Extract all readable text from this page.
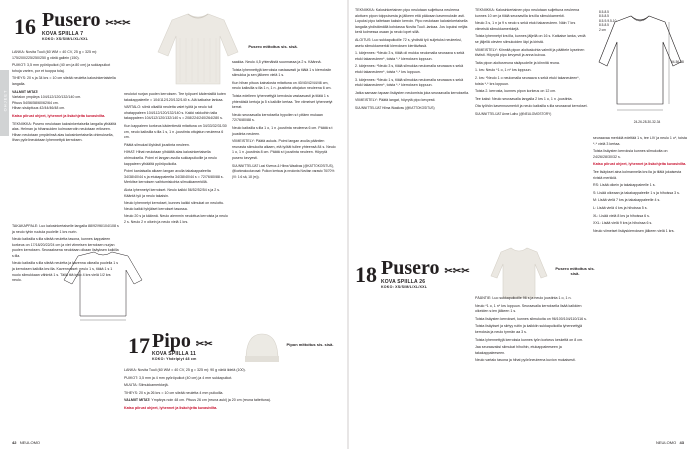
OHJEET
16 Pusero ✂✂✂
KOVA SPIILLA 7
KOKO: XS/S/M/L/XL/XXL
Pusero mittoitus sis. sisä.

LANKA: Novita Tuuli (60 WM = 40 CV, 25 g = 325 m): 175/200/225/250/250 g väriä gallein (150).

PUIKOT: 3,5 mm pyöröpuikot (40 cm ja 80 cm) ja sukkapuikot tohoja varten, por et tuoppa tolaj.

TIHEYS: 20 s ja 34 krs = 10 cm sileää neuletta kalosinkertaistella langalla.

VALMIIT MITAT:
Vartalon ympärys 104/112/120/132/140 cm.
Pituus 54/56/58/60/62/64 cm.
Hihan sisäpituus 42/44/46/48 cm.

Katso piirust ohjeet, lyhennet ja lisäohjeita kuvasivilta.

TEKNIIKKA: Pusero neulotaan kalosinkertaisella langalla ylhäältä alas. Helman ja hihansuiden kolmoserotin neulotaan erikseen. Hihan neulotaan ympäriinsä alas kalosinkertaisella ohimuksella, lihan pyöröneulotaan lyhennettyä kerroksen.

TAKAKAPPALE: Luo kalosinkertaiselle langalla 88/92/96/104/108 s ja neulo tyhin ruutula puolelle 1 krs nurin.

Neulo kaiksilla s:illa sileää neuletta tasona, kunnes kappaleen korkeus on 17/18/20/22/24 cm ja viet viimeisen kerroksen nurjan puolen kerroksen. Seuraaksena neulotaan olkaan lisäyksen kaikilla s:illa.

Neulo kaiksilla s:illa sileää neuletta ja kavenna oikealla puolella 1 s ja kerroksen kaikilla krs:illa. Kavennukset: neulo 1 s, tiäkä 1 s 1 nuolo silmukkaan vähintä 1 s. Tällä tiiä kykc 4 krs vielä 1/2 krs neulo.

neulotut nurjan puolen kerroksen. Tee työpuerl kädentaillä kuten takakappaleelle = 104/112/120/132/140 s. Alä katkaise lankaa.

VARTALO: siirrä olkaillä neuletta valet työtä ja neulo tuli ohatappaleen 104/112/120/132/140 s. Kakki rakkoihin talla takappaleen 104/112/120/132/140 s = 208/224/240/264/280 s.

Kun kappaleen korkeus kädentiestä mitattuna on 34/33/32/31/30 cm, neulo kaiksilla s:illa 1 s, 1 n -joustinta ottojatun neuleena 6 cm.

Päätä silmukat löyhästi joustinta neuleen.

HIHAT: Hihat neulotaan ylhäältä alas kalosinkertaisella ohimuksella. Poimi ei langan avulla sukkapuikoille ja neulo kappaleen ylhäältä pyöröpuikolla.

Poimi kaniaisalla alkaen langan avulla takakappaleelta 34/38/40/44 s ja etukappaleelta 34/38/40/44 s = 72/76/80/88 s. Merkitse kerroksen vaihtumiskohta silmukkamerkillä.

Alota lyhennetyt kerrokset. Neulo kalkki 56/52/52/54 s ja 2 s. Kääntä työ ja neulo takaisin.

Neulo lyhennetyt kerrokset, kunnes kaikki silmukat on neulottu. Neulo kaikki tyhjäiset kerrokset tasossa.

Neulo 20 s ja käännä. Neulo aiemmin neulottua kerroista ja neulo 2 s. Neulo 2 n oikein ja neulo vielä 1 krs.

saakka. Neulo 4,5 yhtenäistä suunnassa ja 2 s. Käännä.

Toista lyhennettyjä kerroksia vastaavasti ja tiiäiä 1 s kierroksiin silmukka ja sen jälkeen vielä 1 s.

Kun hihan pituus kainalosta mitattuna on 40/40/42/44/46 cm, neulo kaiksilla s:illa 1 n, 1 n -joustinta ottojatun neuleena 6 cm.

Toista edelleen lyhennettyjä kerroksia vastaavasti ja tiiäiä 1 s yhtenäisiä kertoja ja 5 s kaikille kertaa. Tee viimeiset lyhennetyt kerrat.

Neulo seuraavalla kerroksella hypoilen s:t pitäen mukaan 72/76/80/88 s.

Neulo kaiksilla s:illa 1 o, 1 n -joustinta neuleena 6 cm. Päätä s:t joustinta neuleen.

VIIMEISTELY: Päätä aukuis. Poimi langan avulla pääntien reunasta silmukoita alkaen, etä työtät tullee yhteensä 84 s. Neulo 1 o, 1 n -joustinta 8 cm. Päätä s:t joustinta neuleen. Höyrytä pusero kevyesti.

SUUNNITTELIJAT Lasi Kiverus & Hilma Waalivas (@KATTOKOSITUS), @korkeakoulunosat: Puikon kertaus ja neulonta Novitan varasto 76/70% (VI: 1:6 sä, 18 (m)).

17 Pipo ✂✂
KOVA SPIILLA 11
KOKO: Yhdelpiyt 48 cm
Pipon mittoitus sis. sisä.

LANKA: Novita Tuuli (60 WM = 40 CV, 25 g = 325 m): 90 g väriä ildelä (100).

PUIKOT: 3,5 mm ja 4 mm pyöröpuikot (40 cm) ja 4 mm sukkapuikot.

MUUTA: Silmukkamerkkejä.

TIHEYS: 20 s ja 26 krs = 10 cm sileää neuletta 4 mm puikoilla.

VALMIIT MITAT: Ympärys noin 48 cm. Pituus 26 cm (reuna auki) ja 20 cm (reuna taitettuna).

Katso piirust ohjeet, lyhennet ja lisäohjeita kuvasivilta.

42 NEULOMO
8.5-8.5
8.5-8.5
8.5-9-9.5-10
8.5-8.5
2 cm
54-56-58
24-26-28-30-32-34

TEKNIIKKA: Kalosinkertainen pipo neulotaan suljettuna neuleena alottuen pipon tolppuisesta ja jälkeen etiä pääosan kavennuksiin asti. Lopuksi pipo taitetaan kaksin kerroin. Pipo neulotaan kalosinkertaisella langalla yhdistämällä kohdassa Novita Tuuli -lankaa. Jos lopuksi neljäs kerä kolmessa osaan ja neulo lopet sillä.

ALOITUS: Luo sukkapuikoille 72 s, yhdistä työ suljetuksi neuleeksi, asetu silmukkamerkki kierroksen kiertävässä.

1. kärjennes: *Neulo 3 s, tiiäiä oli mukka neulomalla seuraava s sekä etuki takaneuleen*, toista *-* kierroksen loppuun.

2. kärjennes: *Neulo 3 s, tiiäiä silmukka neulomalla seuraava s sekä etuki takaneuleen*, toista *-* krs loppuun.

3. kärjennes: *Neulo 1 s, tiiäiä silmukka neulomalla seuraava s sekä etuki takaneuleen*, toista *-* kierroksen loppuun.

Jatka samaan tapaan lisäysten neulomista joka seuraavalla kerroksella.

VIIMEISTELY: Päätä langat, höyrytä pipo kevyesti.

SUUNNITTELIJAT Hilma Waalivas (@KATTOKOSITUS)

TEKNIIKKA: Kalosinkertainen pipo neulotaan suljettuna neuleena kunnes 10 cm ja tiiäiä seuraavilla krs:illa silmukkamerkit.

Neulo 3 s, 1 n ja 9 s neulo s sekä etuki takaneuleen. Näin 7 krs viimeisiä silmukkamerkkejä.

Toista lyhennetyt krs:illa, kunnes jäljellä on 16 s. Katkaise lanka, vedä se jäljellä olevien silmukoiden läpi ja kiristä.

VIIMEISTELY: Kiinnitä pipon aloituskohta valmiit ja päättele kyseinen tiiviisti. Höyrytä pipo kevyesti ja anna kuivua.

Taita pipon aloitusreuna sisäpuolelle ja kiinnitä reuna.

1. krs: Neulo *1 o, 1 n* krs loppuun.

2. krs: *Neulo 1 o neulomalla seuraava s sekä etuki takaneuleen*, toista *-* krs loppuun.

Toista 2. kerrosta, kunnes pipon korkeus on 12 cm.

Tee kaksi: Neulo seuraavalla langalla 2 krs 1 o, 1 n -joustinta.

Ota työhön kavennusmerkit ja neulo kaiksilla s:illa seuraavat kerrokset.

SUUNNITTELIJAT Anne Laiho (@NEULOMOSTORY)

18 Pusero ✂✂✂
KOVA SPIILLA 26
KOKO: XS/S/M/L/XL/XXL
Pusero mittoitus sis. sisä.

PÄÄNTIE: Luo sukkapuikoille 96 s ja neulo joustinta 1 o, 1 n.

Neulo *1 o, 1 n* krs loppuun. Seuraavalla kerroksella lisää kaikkien oikeiden s:ien jälkeen 1 s.

Toista lisäysten kerrokset, kunnes silmukoita on 96/100/104/110/116 s.

Toista lisäykset ja siirtyy ruitin ja kaikkiin sukkapuikoilla lyhennettyjä kerroksia ja neulo tyrmän aa 3 s.

Toista lyhennettyjä kerroksia kunnes työn korkeus keskeltä on 8 cm.

Jaa seuraavaksi silmukat hihoihin, etukappaleeseen ja takakappaleeseen.

Neulo vartalo tasona ja hihat pyöröneuleena kuvion mukaisesti.

seuraavaa merkkiä edeltää 1 s, tee LIV ja neulo 1 o*, toista *-* vielä 3 kertaa.

Toista lisäysten kerroksia kunnes silmukoita on 24/26/28/30/32 s.

Katso piirust ohjeet, lyhennet ja lisäohjeita kuvasivilta.

Tee lisäykset aina kolmannella krs:lla ja tiiäiä jokaisesta rivistä merkkiä.

RS: Lisää oikein ja takakappaleelle 1 s.

S: Lisää oikeaan ja takakappaleelle 1 s ja hihoissa 3 s.

M: Lisää vielä 7 krs ja takakappaleelle 4 s.

L: Lisää vielä 4 krs ja hihoissa 5 s.

XL: Lisää vielä 8 krs ja hihoissa 6 s.

XXL: Lisää vielä 9 krs ja hihoissa 6 s.

Neulo viimeiset lisäyskierroksen jälkeen vielä 1 krs.

NEULOMO 43
